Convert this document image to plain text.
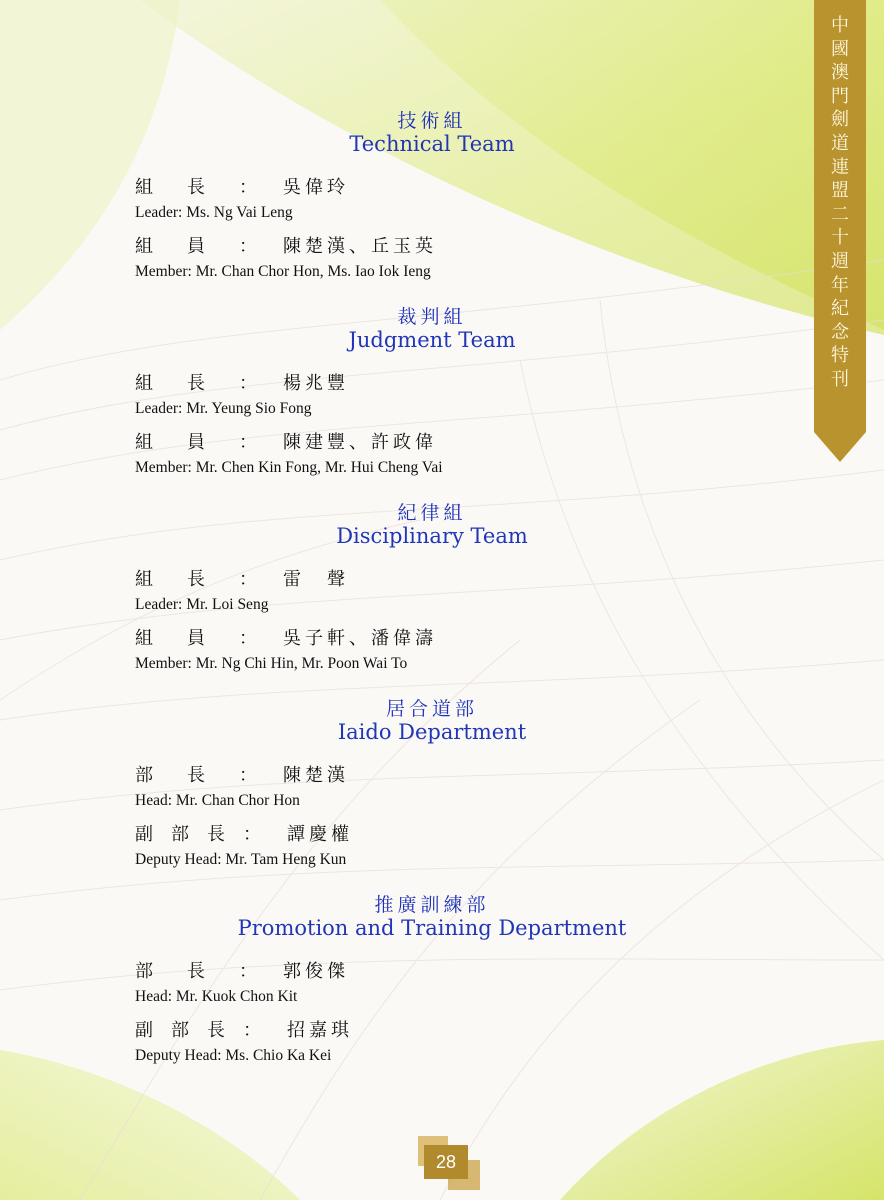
中
國
澳
門
劍
道
連
盟
二
十
週
年
紀
念
特
刊
技術組
Technical Team
組	長	：	吳偉玲
Leader: Ms. Ng Vai Leng
組	員	：	陳楚漢、丘玉英
Member: Mr. Chan Chor Hon, Ms. Iao Iok Ieng
裁判組
Judgment Team
組	長	：	楊兆豐
Leader: Mr. Yeung Sio Fong
組	員	：	陳建豐、許政偉
Member: Mr. Chen Kin Fong, Mr. Hui Cheng Vai
紀律組
Disciplinary Team
組	長	：	雷　聲
Leader: Mr. Loi Seng
組	員	：	吳子軒、潘偉濤
Member: Mr. Ng Chi Hin, Mr. Poon Wai To
居合道部
Iaido Department
部	長	：	陳楚漢
Head: Mr. Chan Chor Hon
副	部	長	：	譚慶權
Deputy Head: Mr. Tam Heng Kun
推廣訓練部
Promotion and Training Department
部	長	：	郭俊傑
Head: Mr. Kuok Chon Kit
副	部	長	：	招嘉琪
Deputy Head: Ms. Chio Ka Kei
28
